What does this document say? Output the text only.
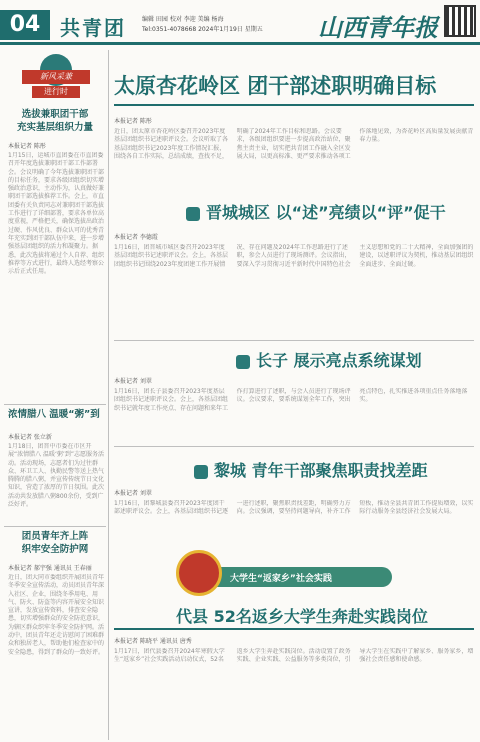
04 共青团	编辑 田园 校对 李迎 美编 杨海
Tel:0351-4078668 2024年1月19日 星期五 山西青年报
新风采兼
进行时
选拔兼职团干部
充实基层组织力量
本报记者 陈彤
1月15日，运城市直团委在市直团委召开年度选拔兼职团干部工作部署会。会议明确了今年选拔兼职团干部的目标任务，要求各级团组织切实增强政治意识，主动作为，认真做好兼职团干部选拔推荐工作。会上，市直团委有关负责同志对兼职团干部选拔工作进行了详细部署，要求各单位高度重视，严格把关，确保选拔出政治过硬、作风优良、群众认可的优秀青年充实到团干部队伍中来，进一步增强基层团组织的活力和凝聚力。据悉，此次选拔将通过个人自荐、组织推荐等方式进行，最终人选经考察公示后正式任用。
浓情腊八 温暖“粥”到
本报记者 张立新
1月18日，团晋中市委在市区开展“浓情腊八 温暖‘粥’到”志愿服务活动。活动现场，志愿者们为过往群众、环卫工人、执勤民警等送上热气腾腾的腊八粥，并宣传传统节日文化知识，营造了浓厚的节日氛围。此次活动共发放腊八粥800余份，受到广泛好评。
团员青年齐上阵
织牢安全防护网
本报记者 郝宇强 通讯员 王春丽
近日，团大同市委组织开展团员青年冬季安全宣传活动，动员团员青年深入社区、企业，围绕冬季用电、用气、防火、防盗等内容开展安全知识宣讲，发放宣传资料，排查安全隐患，切实增强群众的安全防范意识，为辖区群众织牢冬季安全防护网。活动中，团员青年还走访慰问了困难群众和独居老人，帮助他们检查家中的安全隐患，得到了群众的一致好评。
太原杏花岭区 团干部述职明确目标
本报记者 陈彤
近日，团太原市杏花岭区委召开2023年度基层团组织书记述职评议会。会议听取了各基层团组织书记2023年度工作情况汇报，围绕各自工作实际，总结成绩，查找不足，明确了2024年工作目标和思路。会议要求，各级团组织要进一步提高政治站位，聚焦主责主业，切实把共青团工作融入全区发展大局，以更高标准、更严要求推动各项工作落地见效，为杏花岭区高质量发展贡献青春力量。
晋城城区 以“述”亮绩以“评”促干
本报记者 李德霞
1月16日，团晋城市城区委召开2023年度基层团组织书记述职评议会。会上，各基层团组织书记围绕2023年度团建工作开展情况、存在问题及2024年工作思路进行了述职，参会人员进行了现场测评。会议指出，要深入学习贯彻习近平新时代中国特色社会主义思想和党的二十大精神，全面加强团的建设，以述职评议为契机，推动基层团组织全面进步、全面过硬。
长子 展示亮点系统谋划
本报记者 刘翠
1月16日，团长子县委召开2023年度基层团组织书记述职评议会。会上，各基层团组织书记就年度工作亮点、存在问题和来年工作打算进行了述职，与会人员进行了现场评议。会议要求，要系统谋划全年工作，突出亮点特色，扎实推进各项重点任务落地落实。
黎城 青年干部聚焦职责找差距
本报记者 刘翠
1月16日，团黎城县委召开2023年度团干部述职评议会。会上，各基层团组织书记逐一进行述职，聚焦职责找差距，明确努力方向。会议强调，要坚持问题导向，补齐工作短板，推动全县共青团工作提质增效，以实际行动服务全县经济社会发展大局。
大学生“返家乡”社会实践
代县 52名返乡大学生奔赴实践岗位
本报记者 陈晓平 通讯员 唐秀
1月17日，团代县委召开2024年寒假大学生“返家乡”社会实践活动启动仪式，52名返乡大学生奔赴实践岗位。活动设置了政务实践、企业实践、公益服务等多类岗位，引导大学生在实践中了解家乡、服务家乡，增强社会责任感和使命感。
